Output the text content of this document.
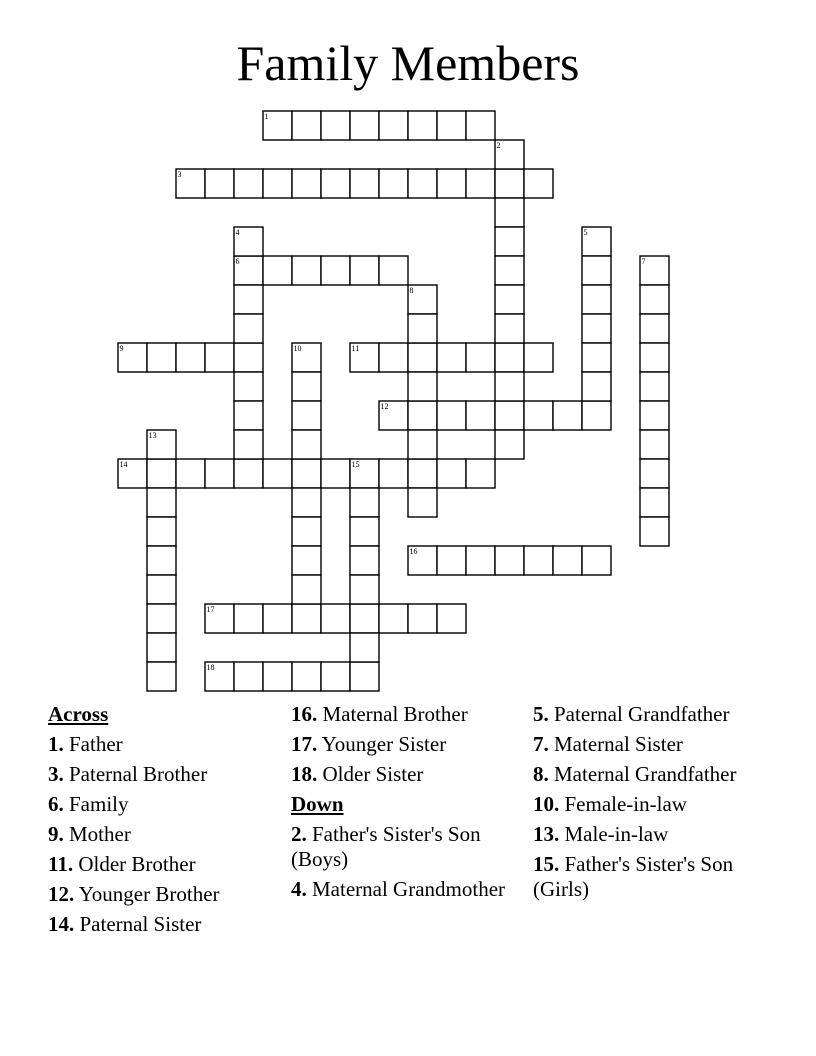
Family Members
1
3
6
9	11
12
14
16
17
18
2
4	5
7
8
10
13
15
Across
1. Father
3. Paternal Brother
6. Family
9. Mother
11. Older Brother
12. Younger Brother
14. Paternal Sister
16. Maternal Brother
17. Younger Sister
18. Older Sister
Down
2. Father's Sister's Son (Boys)
4. Maternal Grandmother
5. Paternal Grandfather
7. Maternal Sister
8. Maternal Grandfather
10. Female-in-law
13. Male-in-law
15. Father's Sister's Son (Girls)
